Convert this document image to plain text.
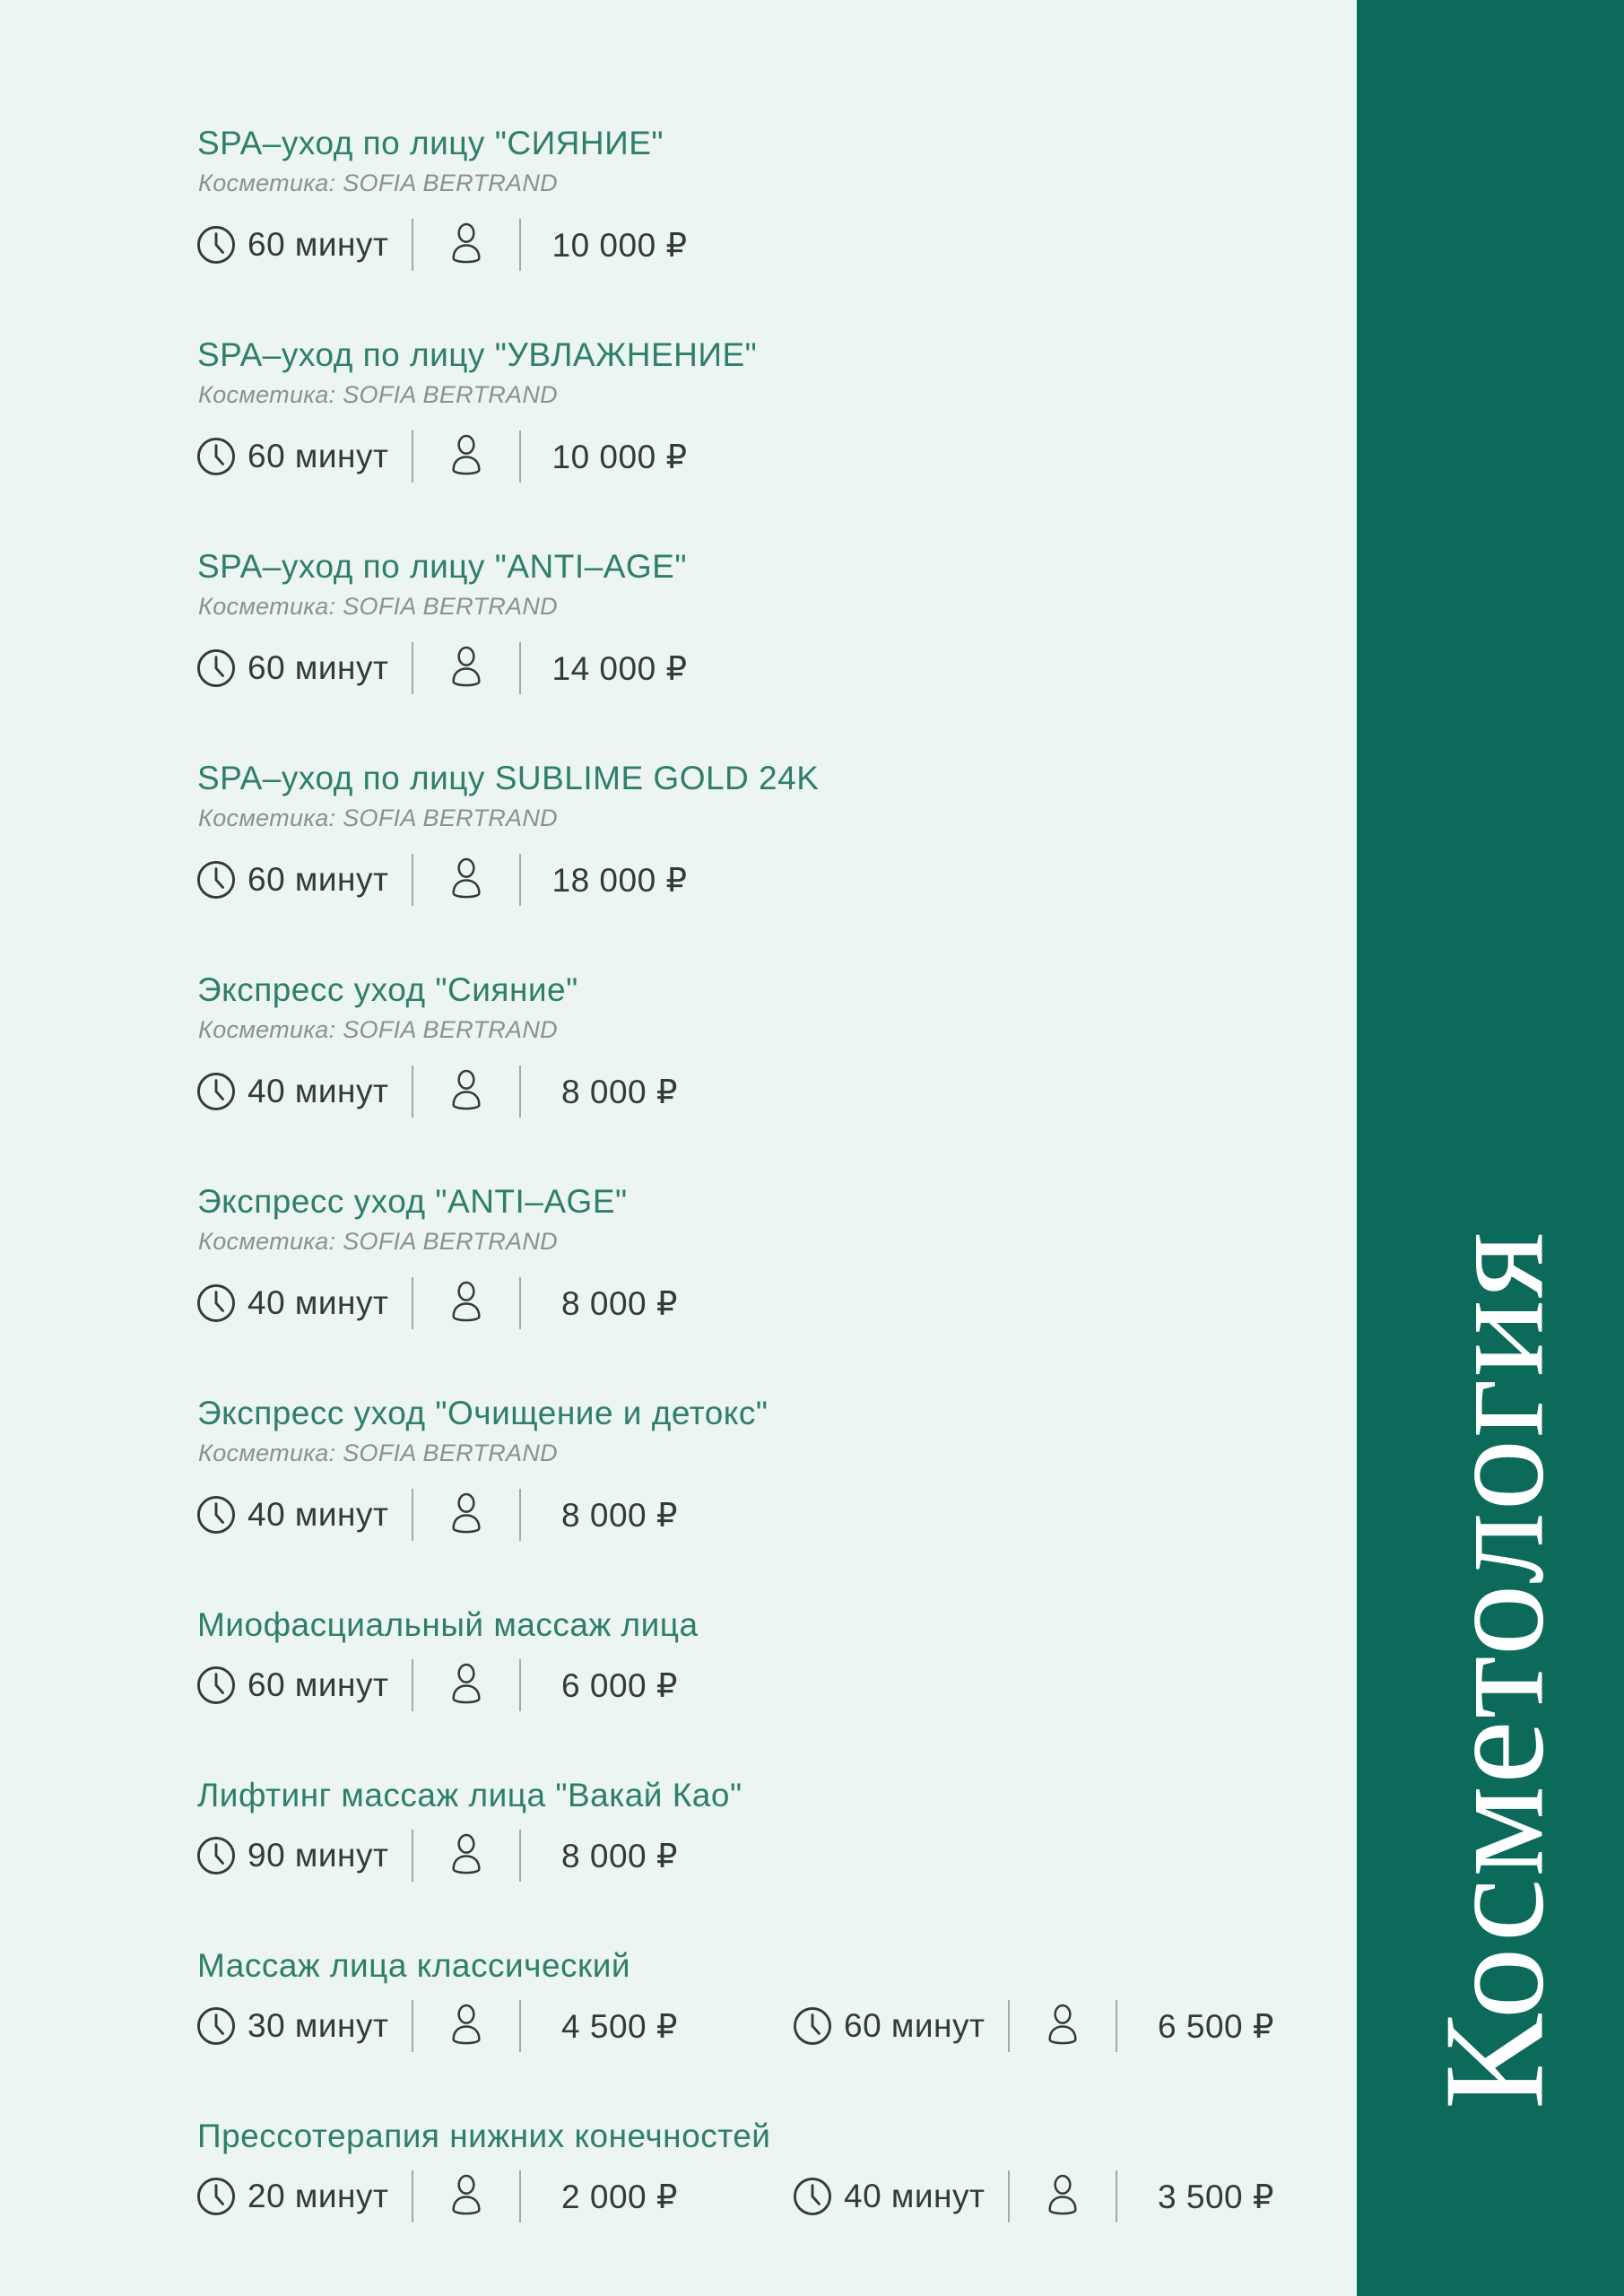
Косметология
SPA–уход по лицу "СИЯНИЕ"

Косметика: SOFIA BERTRAND

60 минут	10 000 ₽
SPA–уход по лицу "УВЛАЖНЕНИЕ"

Косметика: SOFIA BERTRAND

60 минут	10 000 ₽
SPA–уход по лицу "ANTI–AGE"

Косметика: SOFIA BERTRAND

60 минут	14 000 ₽
SPA–уход по лицу SUBLIME GOLD 24K

Косметика: SOFIA BERTRAND

60 минут	18 000 ₽
Экспресс уход "Сияние"

Косметика: SOFIA BERTRAND

40 минут	8 000 ₽
Экспресс уход "ANTI–AGE"

Косметика: SOFIA BERTRAND

40 минут	8 000 ₽
Экспресс уход "Очищение и детокс"

Косметика: SOFIA BERTRAND

40 минут	8 000 ₽
Миофасциальный массаж лица
60 минут	6 000 ₽
Лифтинг массаж лица "Вакай Као"
90 минут	8 000 ₽
Массаж лица классический
30 минут	4 500 ₽	60 минут	6 500 ₽
Прессотерапия нижних конечностей
20 минут	2 000 ₽	40 минут	3 500 ₽
